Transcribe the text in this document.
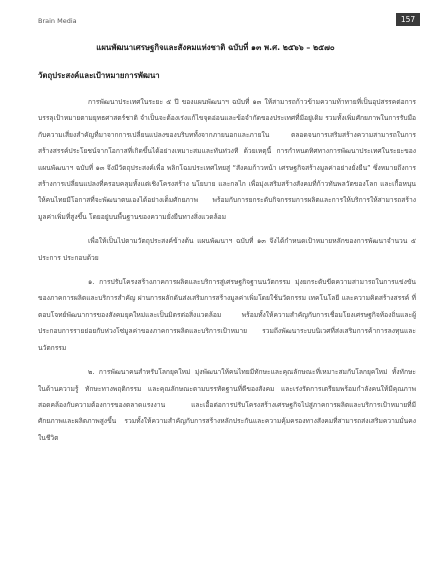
Brain Media	157
แผนพัฒนาเศรษฐกิจและสังคมแห่งชาติ ฉบับที่ ๑๓ พ.ศ. ๒๕๖๖ – ๒๕๗๐
วัตถุประสงค์และเป้าหมายการพัฒนา

การพัฒนาประเทศในระยะ ๕ ปี ของแผนพัฒนาฯ ฉบับที่ ๑๓ ให้สามารถก้าวข้ามความท้าทายที่เป็นอุปสรรคต่อการบรรลุเป้าหมายตามยุทธศาสตร์ชาติ จำเป็นจะต้องเร่งแก้ไขจุดอ่อนและข้อจำกัดของประเทศที่มีอยู่เดิม รวมทั้งเพิ่มศักยภาพในการรับมือกับความเสี่ยงสำคัญที่มาจากการเปลี่ยนแปลงของบริบททั้งจากภายนอกและภายใน ตลอดจนการเสริมสร้างความสามารถในการสร้างสรรค์ประโยชน์จากโอกาสที่เกิดขึ้นได้อย่างเหมาะสมและทันท่วงที ด้วยเหตุนี้ การกำหนดทิศทางการพัฒนาประเทศในระยะของแผนพัฒนาฯ ฉบับที่ ๑๓ จึงมีวัตถุประสงค์เพื่อ พลิกโฉมประเทศไทยสู่ “สังคมก้าวหน้า เศรษฐกิจสร้างมูลค่าอย่างยั่งยืน” ซึ่งหมายถึงการสร้างการเปลี่ยนแปลงที่ครอบคลุมทั้งแต่เชิงโครงสร้าง นโยบาย และกลไก เพื่อมุ่งเสริมสร้างสังคมที่ก้าวทันพลวัตของโลก และเกื้อหนุนให้คนไทยมีโอกาสที่จะพัฒนาตนเองได้อย่างเต็มศักยภาพ พร้อมกับการยกระดับกิจกรรมการผลิตและการให้บริการให้สามารถสร้างมูลค่าเพิ่มที่สูงขึ้น โดยอยู่บนพื้นฐานของความยั่งยืนทางสิ่งแวดล้อม

เพื่อให้เป็นไปตามวัตถุประสงค์ข้างต้น แผนพัฒนาฯ ฉบับที่ ๑๓ จึงได้กำหนดเป้าหมายหลักของการพัฒนาจำนวน ๕ ประการ ประกอบด้วย

๑. การปรับโครงสร้างภาคการผลิตและบริการสู่เศรษฐกิจฐานนวัตกรรม มุ่งยกระดับขีดความสามารถในการแข่งขันของภาคการผลิตและบริการสำคัญ ผ่านการผลักดันส่งเสริมการสร้างมูลค่าเพิ่มโดยใช้นวัตกรรม เทคโนโลยี และความคิดสร้างสรรค์ ที่ตอบโจทย์พัฒนาการของสังคมยุคใหม่และเป็นมิตรต่อสิ่งแวดล้อม พร้อมทั้งให้ความสำคัญกับการเชื่อมโยงเศรษฐกิจท้องถิ่นและผู้ประกอบการรายย่อยกับห่วงโซ่มูลค่าของภาคการผลิตและบริการเป้าหมาย รวมถึงพัฒนาระบบนิเวศที่ส่งเสริมการค้าการลงทุนและนวัตกรรม

๒. การพัฒนาคนสำหรับโลกยุคใหม่ มุ่งพัฒนาให้คนไทยมีทักษะและคุณลักษณะที่เหมาะสมกับโลกยุคใหม่ ทั้งทักษะในด้านความรู้ ทักษะทางพฤติกรรม และคุณลักษณะตามบรรทัดฐานที่ดีของสังคม และเร่งรัดการเตรียมพร้อมกำลังคนให้มีคุณภาพสอดคล้องกับความต้องการของตลาดแรงงาน และเอื้อต่อการปรับโครงสร้างเศรษฐกิจไปสู่ภาคการผลิตและบริการเป้าหมายที่มีศักยภาพและผลิตภาพสูงขึ้น รวมทั้งให้ความสำคัญกับการสร้างหลักประกันและความคุ้มครองทางสังคมที่สามารถส่งเสริมความมั่นคงในชีวิต
